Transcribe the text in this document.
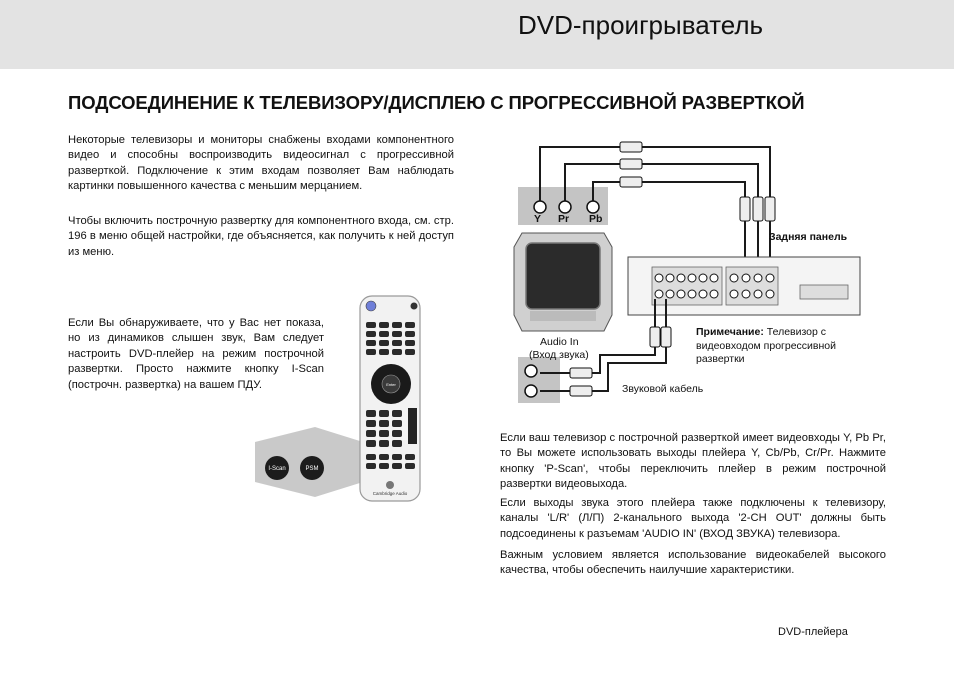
DVD-проигрыватель
ПОДСОЕДИНЕНИЕ К ТЕЛЕВИЗОРУ/ДИСПЛЕЮ С ПРОГРЕССИВНОЙ РАЗВЕРТКОЙ

Некоторые телевизоры и мониторы снабжены входами компонентного видео и способны воспроизводить видеосигнал с прогрессивной разверткой. Подключение к этим входам позволяет Вам наблюдать картинки повышенного качества с меньшим мерцанием.

Чтобы включить построчную развертку для компонентного входа, см. стр. 196 в меню общей настройки, где объясняется, как получить к ней доступ из меню.

Если Вы обнаруживаете, что у Вас нет показа, но из динамиков слышен звук, Вам следует настроить DVD-плейер на режим построчной развертки. Просто нажмите кнопку I-Scan (построчн. развертка) на вашем ПДУ.	Enter
Cambridge Audio
I-Scan	PSM
Y Pr Pb
Задняя панель
Audio In
(Вход звука)
Примечание: Телевизор с видеовходом прогрессивной развертки
Звуковой кабель

Если ваш телевизор с построчной разверткой имеет видеовходы Y, Pb Pr, то Вы можете использовать выходы плейера Y, Cb/Pb, Cr/Pr. Нажмите кнопку 'P-Scan', чтобы переключить плейер в режим построчной развертки видеовыхода.

Если выходы звука этого плейера также подключены к телевизору, каналы 'L/R' (Л/П) 2-канального выхода '2-CH OUT' должны быть подсоединены к разъемам 'AUDIO IN' (ВХОД ЗВУКА) телевизора.

Важным условием является использование видеокабелей высокого качества, чтобы обеспечить наилучшие характеристики.

DVD-плейера
